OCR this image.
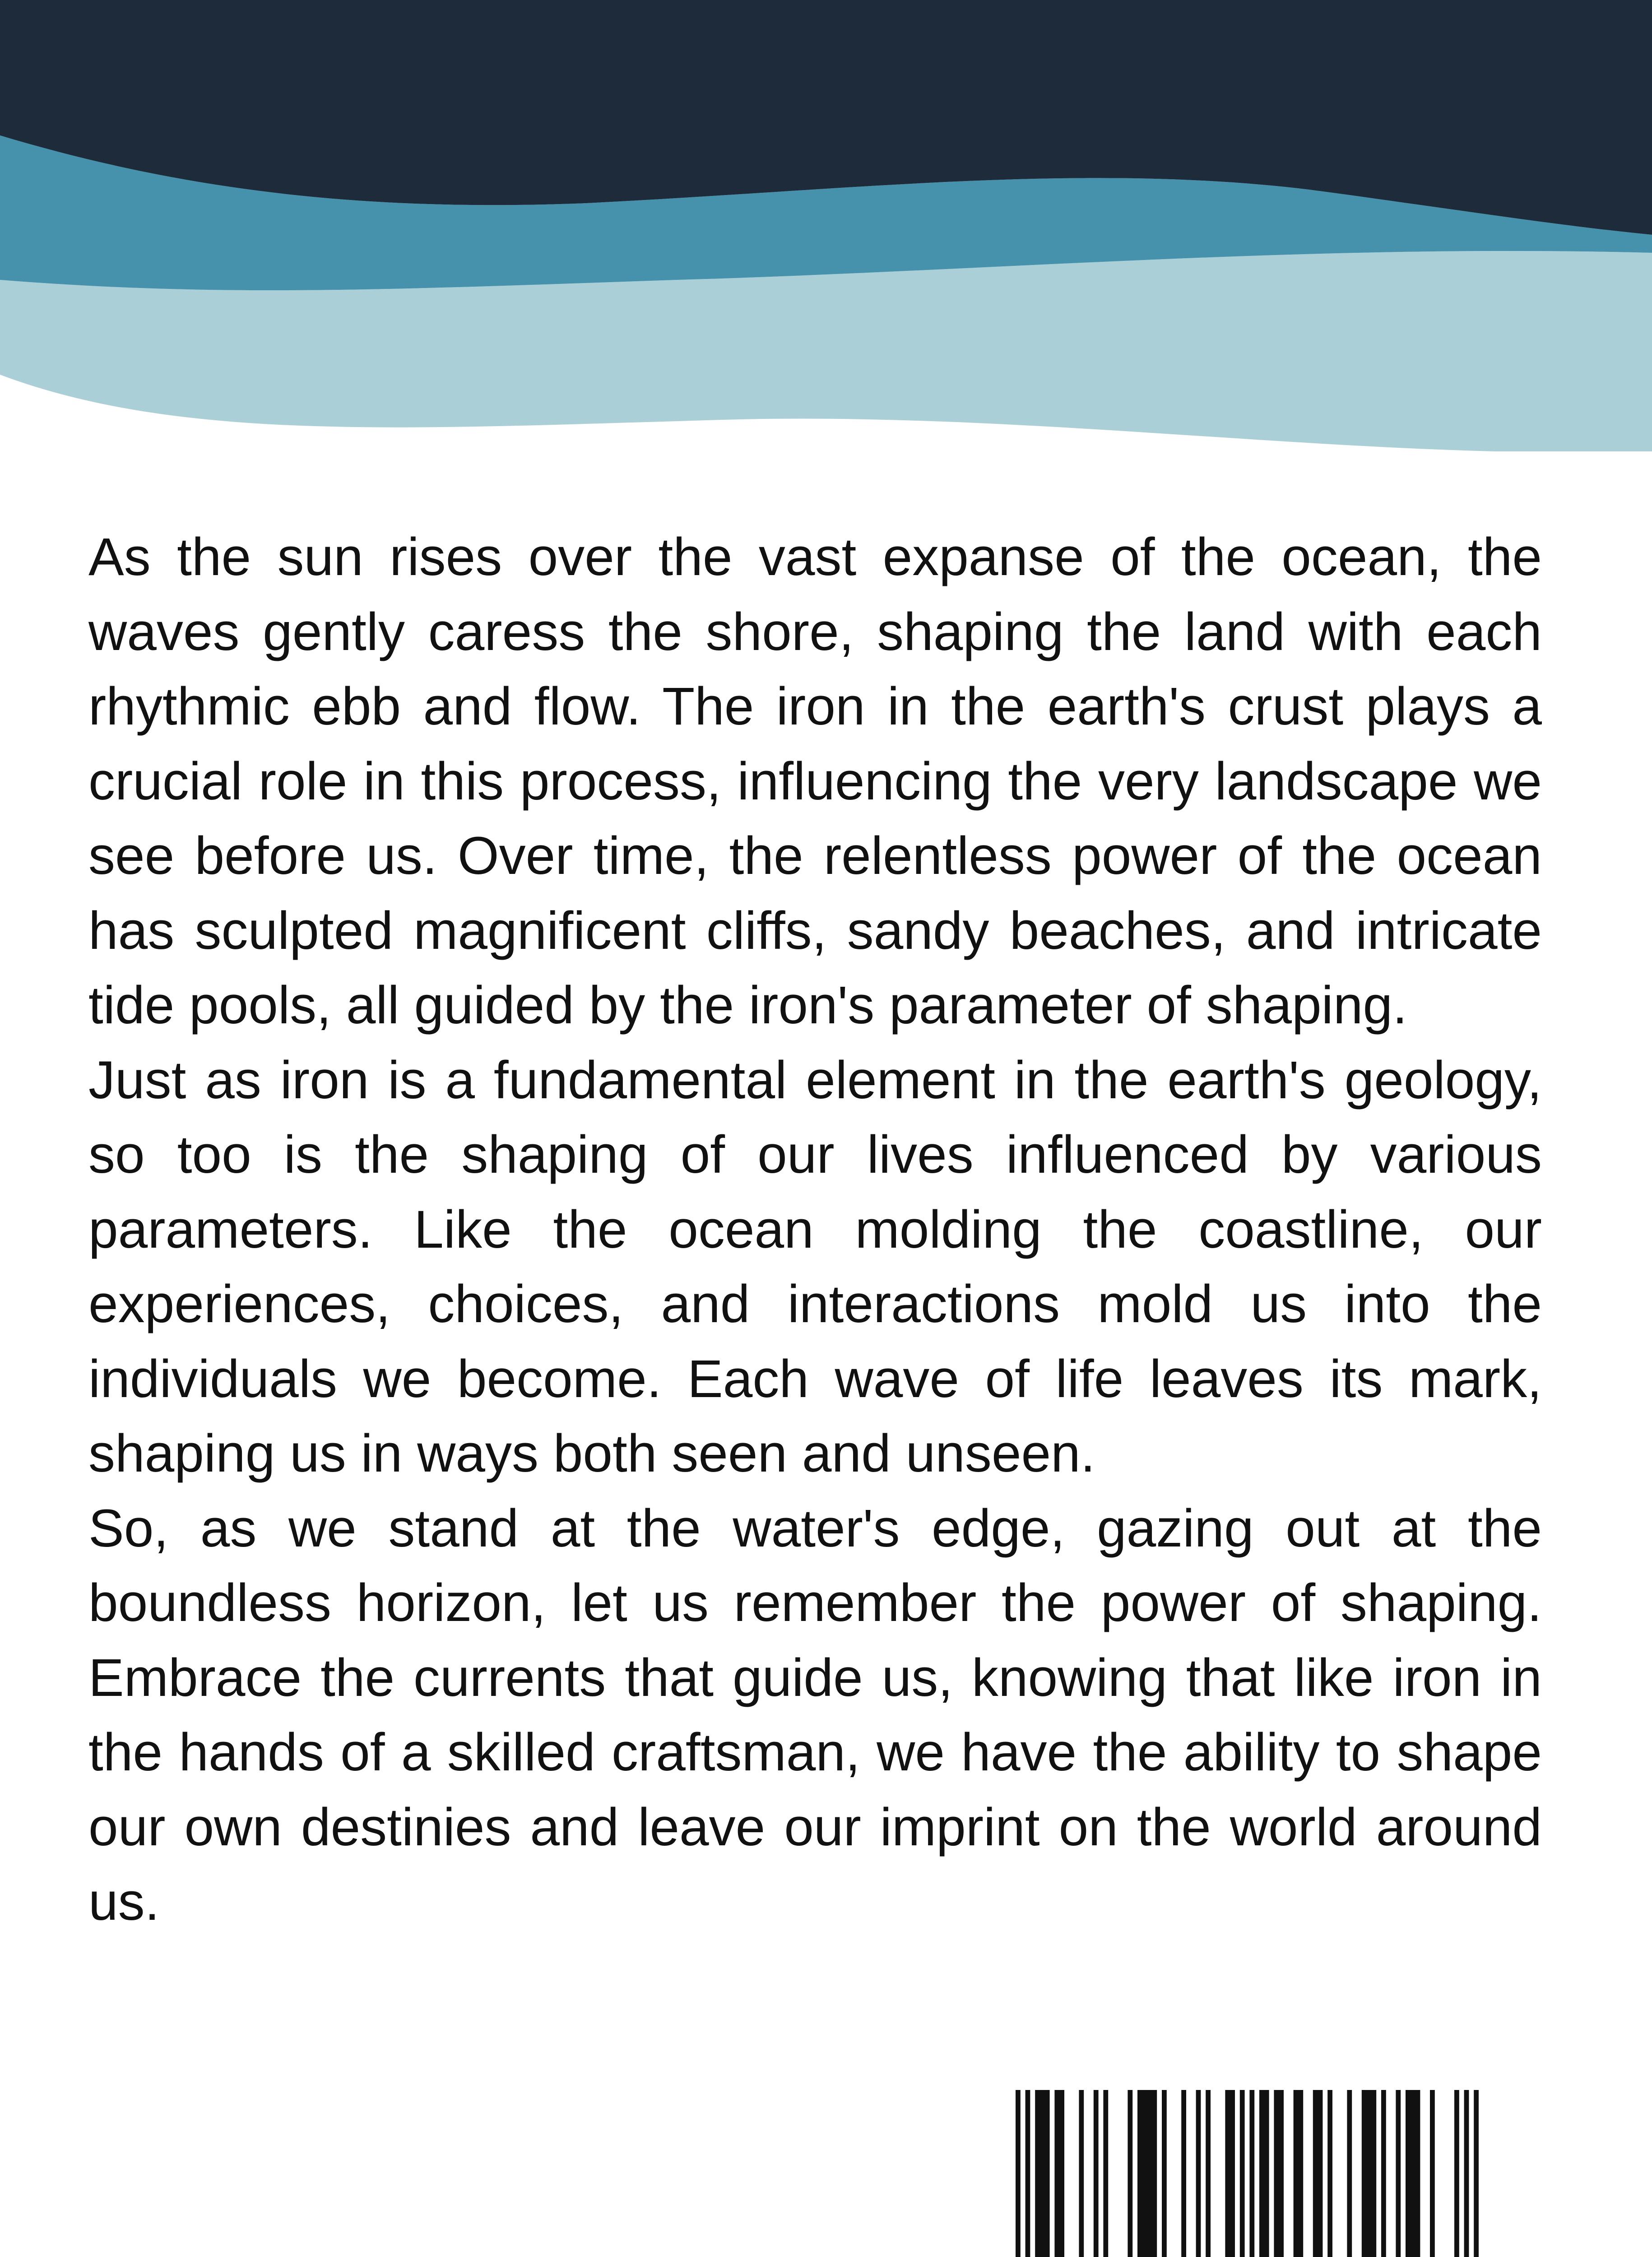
As the sun rises over the vast expanse of the ocean, the waves gently caress the shore, shaping the land with each rhythmic ebb and flow. The iron in the earth's crust plays a crucial role in this process, influencing the very landscape we see before us. Over time, the relentless power of the ocean has sculpted magnificent cliffs, sandy beaches, and intricate tide pools, all guided by the iron's parameter of shaping.

Just as iron is a fundamental element in the earth's geology, so too is the shaping of our lives influenced by various parameters. Like the ocean molding the coastline, our experiences, choices, and interactions mold us into the individuals we become. Each wave of life leaves its mark, shaping us in ways both seen and unseen.

So, as we stand at the water's edge, gazing out at the boundless horizon, let us remember the power of shaping. Embrace the currents that guide us, knowing that like iron in the hands of a skilled craftsman, we have the ability to shape our own destinies and leave our imprint on the world around us.
